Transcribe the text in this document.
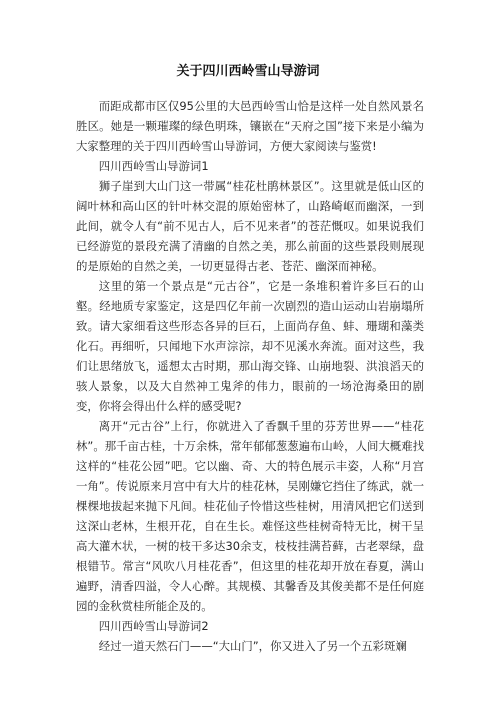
关于四川西岭雪山导游词

而距成都市区仅95公里的大邑西岭雪山恰是这样一处自然风景名胜区。她是一颗璀璨的绿色明珠，镶嵌在“天府之国”接下来是小编为大家整理的关于四川西岭雪山导游词，方便大家阅读与鉴赏!

四川西岭雪山导游词1

狮子崖到大山门这一带属“桂花杜鹃林景区”。这里就是低山区的阔叶林和高山区的针叶林交混的原始密林了，山路崎岖而幽深，一到此间，就令人有“前不见古人，后不见来者”的苍茫慨叹。如果说我们已经游览的景段充满了清幽的自然之美，那么前面的这些景段则展现的是原始的自然之美，一切更显得古老、苍茫、幽深而神秘。

这里的第一个景点是“元古谷”，它是一条堆积着许多巨石的山壑。经地质专家鉴定，这是四亿年前一次剧烈的造山运动山岩崩塌所致。请大家细看这些形态各异的巨石，上面尚存鱼、蚌、珊瑚和藻类化石。再细听，只闻地下水声淙淙，却不见溪水奔流。面对这些，我们让思绪放飞，遥想太古时期，那山海交锋、山崩地裂、洪浪滔天的骇人景象，以及大自然神工鬼斧的伟力，眼前的一场沧海桑田的剧变，你将会得出什么样的感受呢?

离开“元古谷”上行，你就进入了香飘千里的芬芳世界——“桂花林”。那千亩古桂，十万余株，常年郁郁葱葱遍布山岭，人间大概难找这样的“桂花公园”吧。它以幽、奇、大的特色展示丰姿，人称“月宫一角”。传说原来月宫中有大片的桂花林，吴刚嫌它挡住了练武，就一棵棵地拔起来抛下凡间。桂花仙子怜惜这些桂树，用清风把它们送到这深山老林，生根开花，自在生长。难怪这些桂树奇特无比，树干呈高大灌木状，一树的枝干多达30余支，枝枝挂满苔藓，古老翠绿，盘根错节。常言“风吹八月桂花香”，但这里的桂花却开放在春夏，满山遍野，清香四溢，令人心醉。其规模、其馨香及其俊美都不是任何庭园的金秋赏桂所能企及的。

四川西岭雪山导游词2

经过一道天然石门——“大山门”，你又进入了另一个五彩斑斓
